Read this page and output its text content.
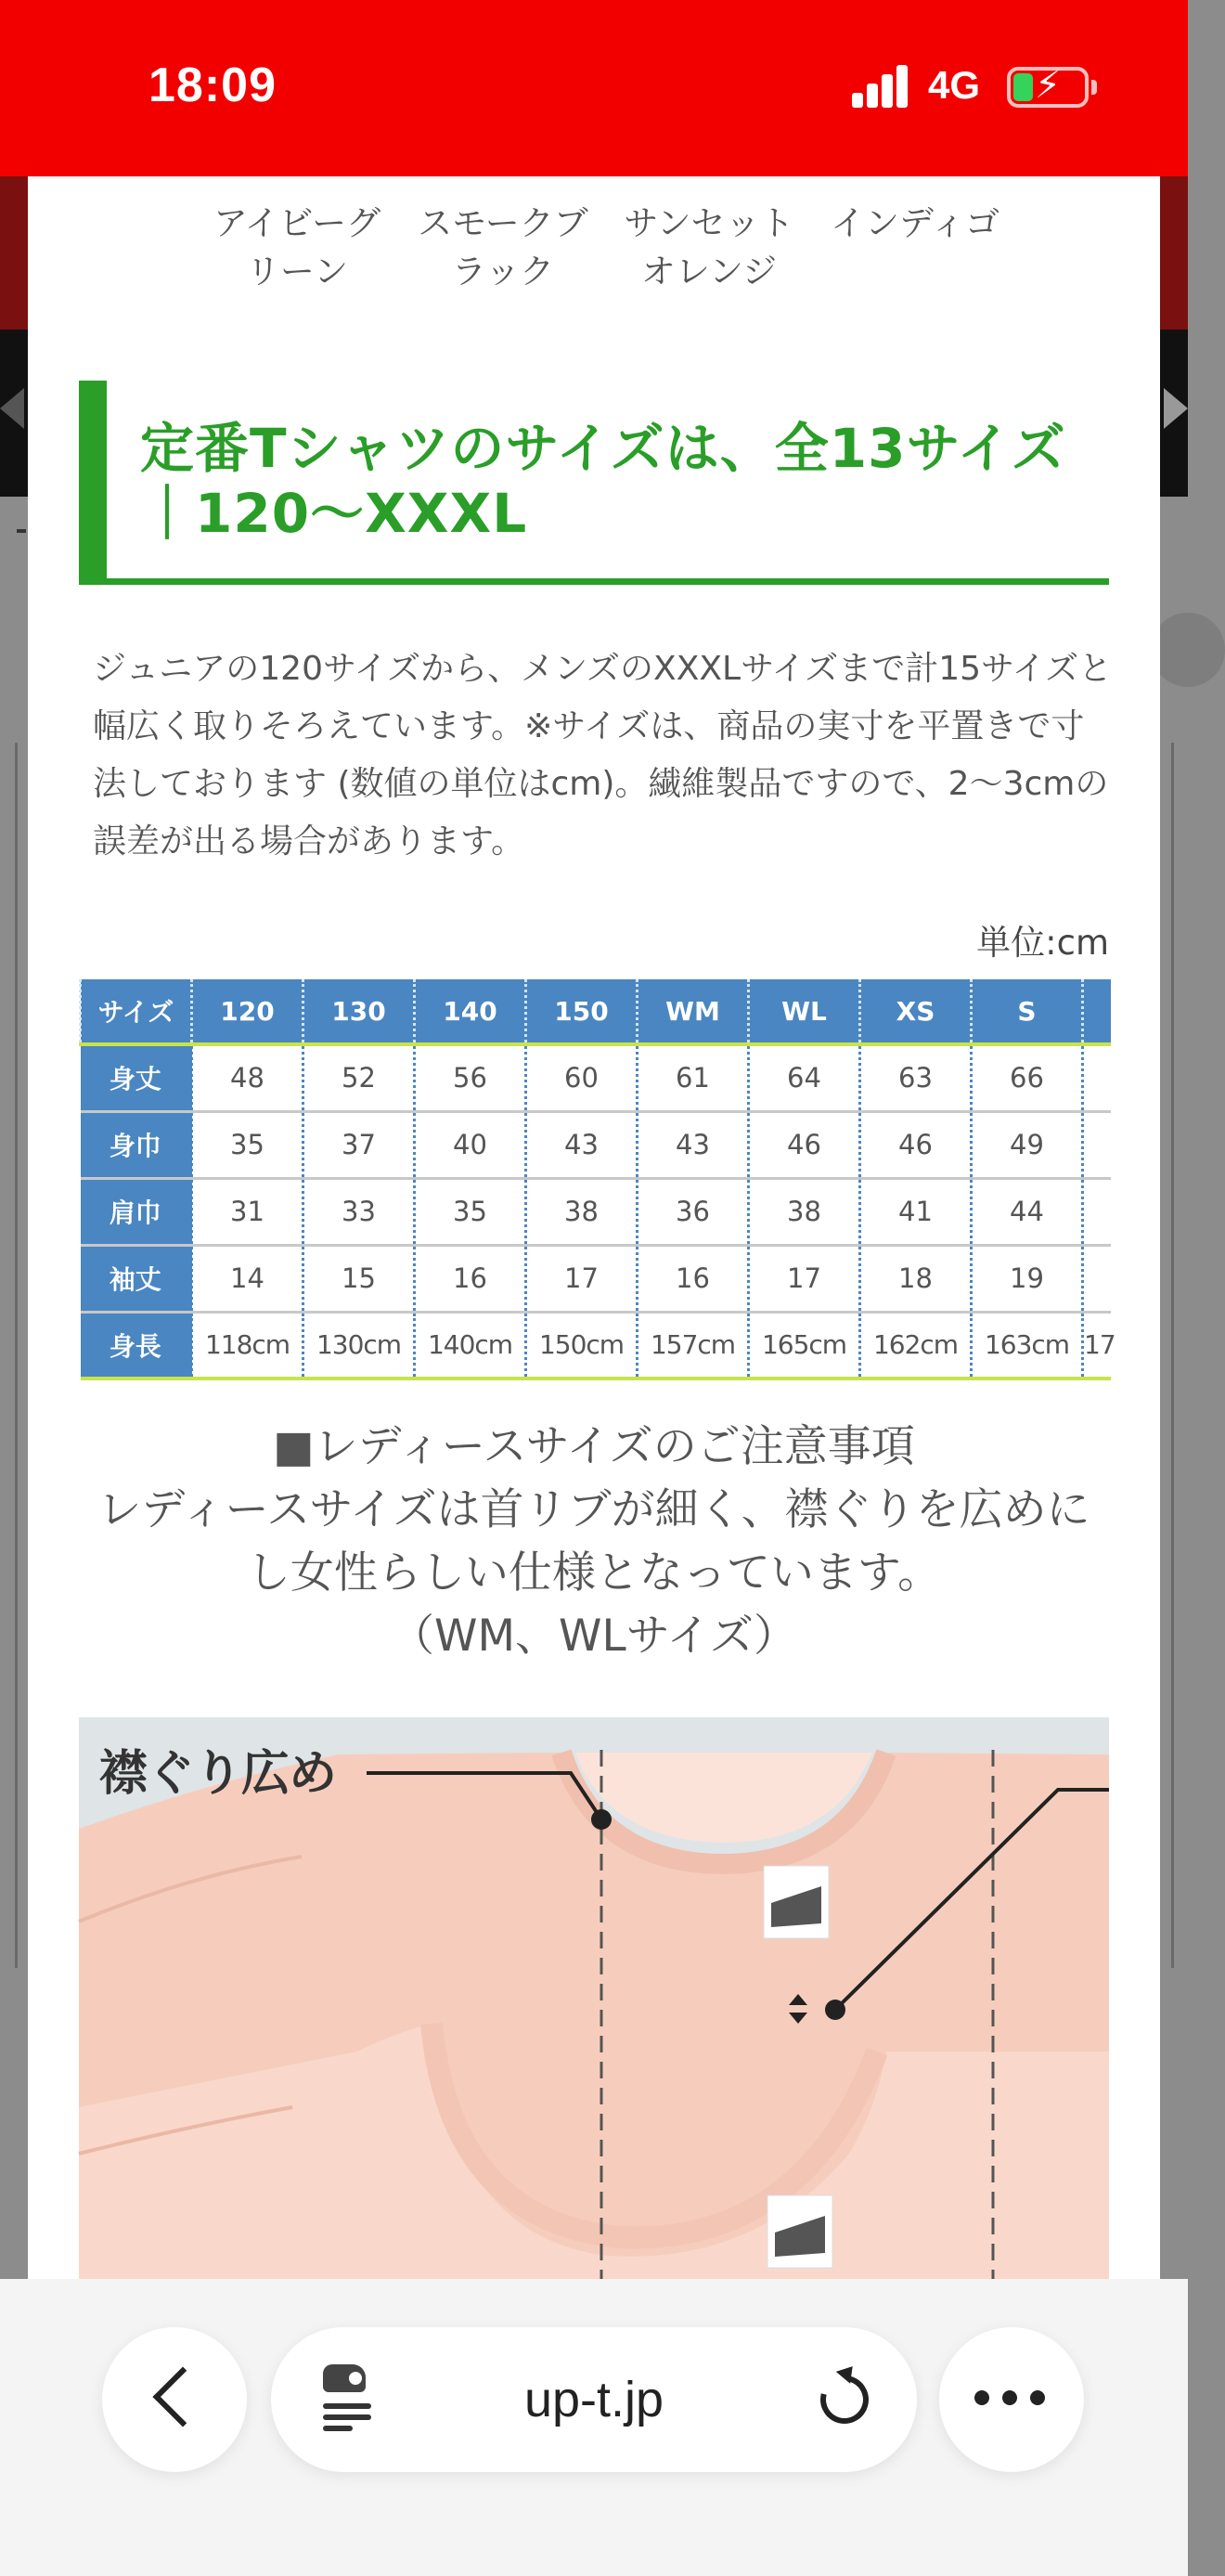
18:09	4G ⚡
アイビーグ
リーン
スモークブ
ラック
サンセット
オレンジ
インディゴ
定番Tシャツのサイズは、全13サイズ｜120〜XXXL

ジュニアの120サイズから、メンズのXXXLサイズまで計15サイズと幅広く取りそろえています。※サイズは、商品の実寸を平置きで寸法しております (数値の単位はcm)。繊維製品ですので、2〜3cmの誤差が出る場合があります。

単位:cm
サイズ	120	130	140	150	WM	WL	XS	S	
身丈	48	52	56	60	61	64	63	66	
身巾	35	37	40	43	43	46	46	49	
肩巾	31	33	35	38	36	38	41	44	
袖丈	14	15	16	17	16	17	18	19	
身長	118cm	130cm	140cm	150cm	157cm	165cm	162cm	163cm	17
■レディースサイズのご注意事項
レディースサイズは首リブが細く、襟ぐりを広めにし女性らしい仕様となっています。
（WM、WLサイズ）
襟ぐり広め
up-t.jp
